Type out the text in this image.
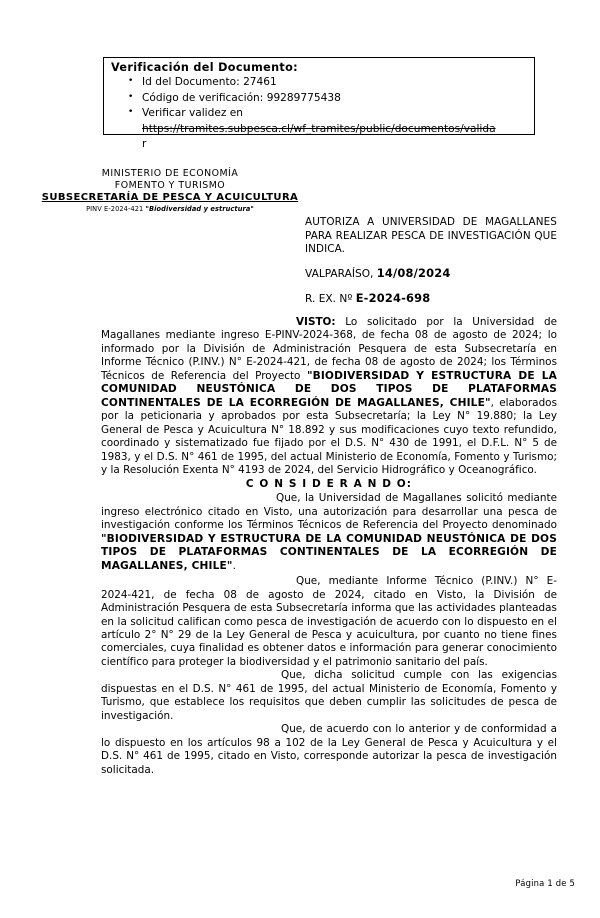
Verificación del Documento:
• Id del Documento: 27461
• Código de verificación: 99289775438
• Verificar validez en
https://tramites.subpesca.cl/wf_tramites/public/documentos/valida
r
MINISTERIO DE ECONOMÍA
FOMENTO Y TURISMO
SUBSECRETARÍA DE PESCA Y ACUICULTURA
PINV E-2024-421 "Biodiversidad y estructura"
AUTORIZA A UNIVERSIDAD DE MAGALLANES PARA REALIZAR PESCA DE INVESTIGACIÓN QUE INDICA.
VALPARAÍSO, 14/08/2024
R. EX. Nº E-2024-698

VISTO: Lo solicitado por la Universidad de Magallanes mediante ingreso E-PINV-2024-368, de fecha 08 de agosto de 2024; lo informado por la División de Administración Pesquera de esta Subsecretaría en Informe Técnico (P.INV.) N° E-2024-421, de fecha 08 de agosto de 2024; los Términos Técnicos de Referencia del Proyecto "BIODIVERSIDAD Y ESTRUCTURA DE LA COMUNIDAD NEUSTÓNICA DE DOS TIPOS DE PLATAFORMAS CONTINENTALES DE LA ECORREGIÓN DE MAGALLANES, CHILE", elaborados por la peticionaria y aprobados por esta Subsecretaría; la Ley N° 19.880; la Ley General de Pesca y Acuicultura N° 18.892 y sus modificaciones cuyo texto refundido, coordinado y sistematizado fue fijado por el D.S. N° 430 de 1991, el D.F.L. N° 5 de 1983, y el D.S. N° 461 de 1995, del actual Ministerio de Economía, Fomento y Turismo; y la Resolución Exenta N° 4193 de 2024, del Servicio Hidrográfico y Oceanográfico.

C O N S I D E R A N D O:

Que, la Universidad de Magallanes solicitó mediante ingreso electrónico citado en Visto, una autorización para desarrollar una pesca de investigación conforme los Términos Técnicos de Referencia del Proyecto denominado "BIODIVERSIDAD Y ESTRUCTURA DE LA COMUNIDAD NEUSTÓNICA DE DOS TIPOS DE PLATAFORMAS CONTINENTALES DE LA ECORREGIÓN DE MAGALLANES, CHILE".

Que, mediante Informe Técnico (P.INV.) N° E-2024-421, de fecha 08 de agosto de 2024, citado en Visto, la División de Administración Pesquera de esta Subsecretaría informa que las actividades planteadas en la solicitud califican como pesca de investigación de acuerdo con lo dispuesto en el artículo 2° N° 29 de la Ley General de Pesca y acuicultura, por cuanto no tiene fines comerciales, cuya finalidad es obtener datos e información para generar conocimiento científico para proteger la biodiversidad y el patrimonio sanitario del país.

Que, dicha solicitud cumple con las exigencias dispuestas en el D.S. N° 461 de 1995, del actual Ministerio de Economía, Fomento y Turismo, que establece los requisitos que deben cumplir las solicitudes de pesca de investigación.

Que, de acuerdo con lo anterior y de conformidad a lo dispuesto en los artículos 98 a 102 de la Ley General de Pesca y Acuicultura y el D.S. N° 461 de 1995, citado en Visto, corresponde autorizar la pesca de investigación solicitada.

Página 1 de 5
